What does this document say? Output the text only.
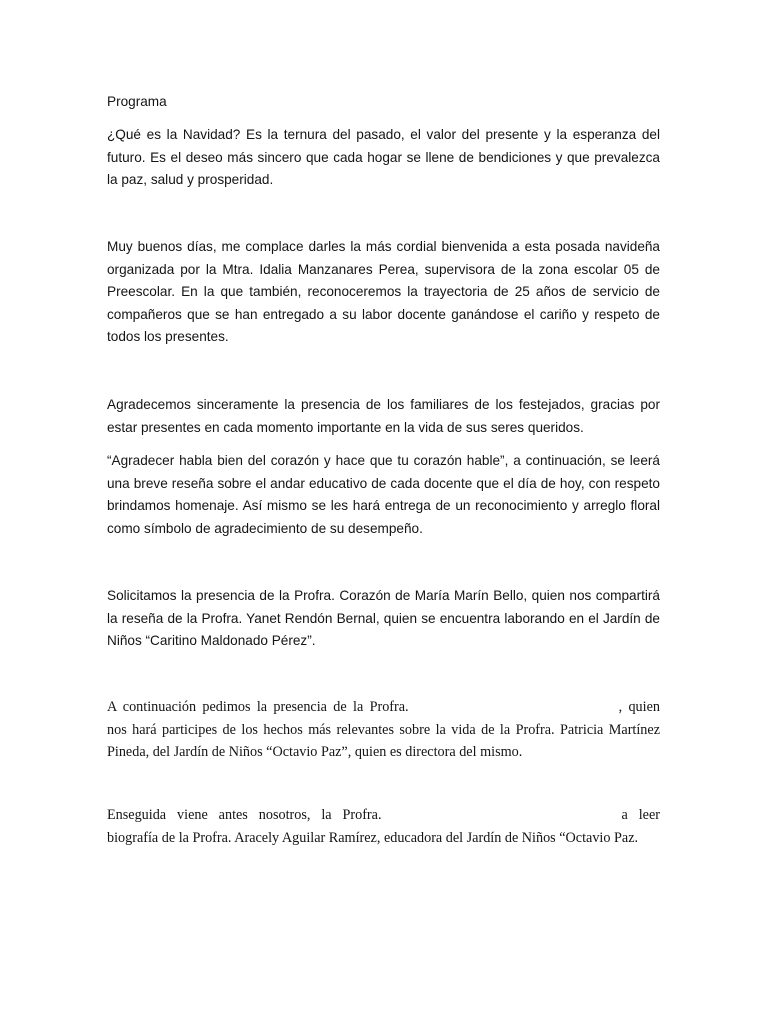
Programa

¿Qué es la Navidad? Es la ternura del pasado, el valor del presente y la esperanza del futuro. Es el deseo más sincero que cada hogar se llene de bendiciones y que prevalezca la paz, salud y prosperidad.

Muy buenos días, me complace darles la más cordial bienvenida a esta posada navideña organizada por la Mtra. Idalia Manzanares Perea, supervisora de la zona escolar 05 de Preescolar. En la que también, reconoceremos la trayectoria de 25 años de servicio de compañeros que se han entregado a su labor docente ganándose el cariño y respeto de todos los presentes.

Agradecemos sinceramente la presencia de los familiares de los festejados, gracias por estar presentes en cada momento importante en la vida de sus seres queridos.

“Agradecer habla bien del corazón y hace que tu corazón hable”, a continuación, se leerá una breve reseña sobre el andar educativo de cada docente que el día de hoy, con respeto brindamos homenaje. Así mismo se les hará entrega de un reconocimiento y arreglo floral como símbolo de agradecimiento de su desempeño.

Solicitamos la presencia de la Profra. Corazón de María Marín Bello, quien nos compartirá la reseña de la Profra. Yanet Rendón Bernal, quien se encuentra laborando en el Jardín de Niños “Caritino Maldonado Pérez”.

A continuación pedimos la presencia de la Profra.	, quien nos hará participes de los hechos más relevantes sobre la vida de la Profra. Patricia Martínez Pineda, del Jardín de Niños “Octavio Paz”, quien es directora del mismo.

Enseguida viene antes nosotros, la Profra.	a leer biografía de la Profra. Aracely Aguilar Ramírez, educadora del Jardín de Niños “Octavio Paz.
